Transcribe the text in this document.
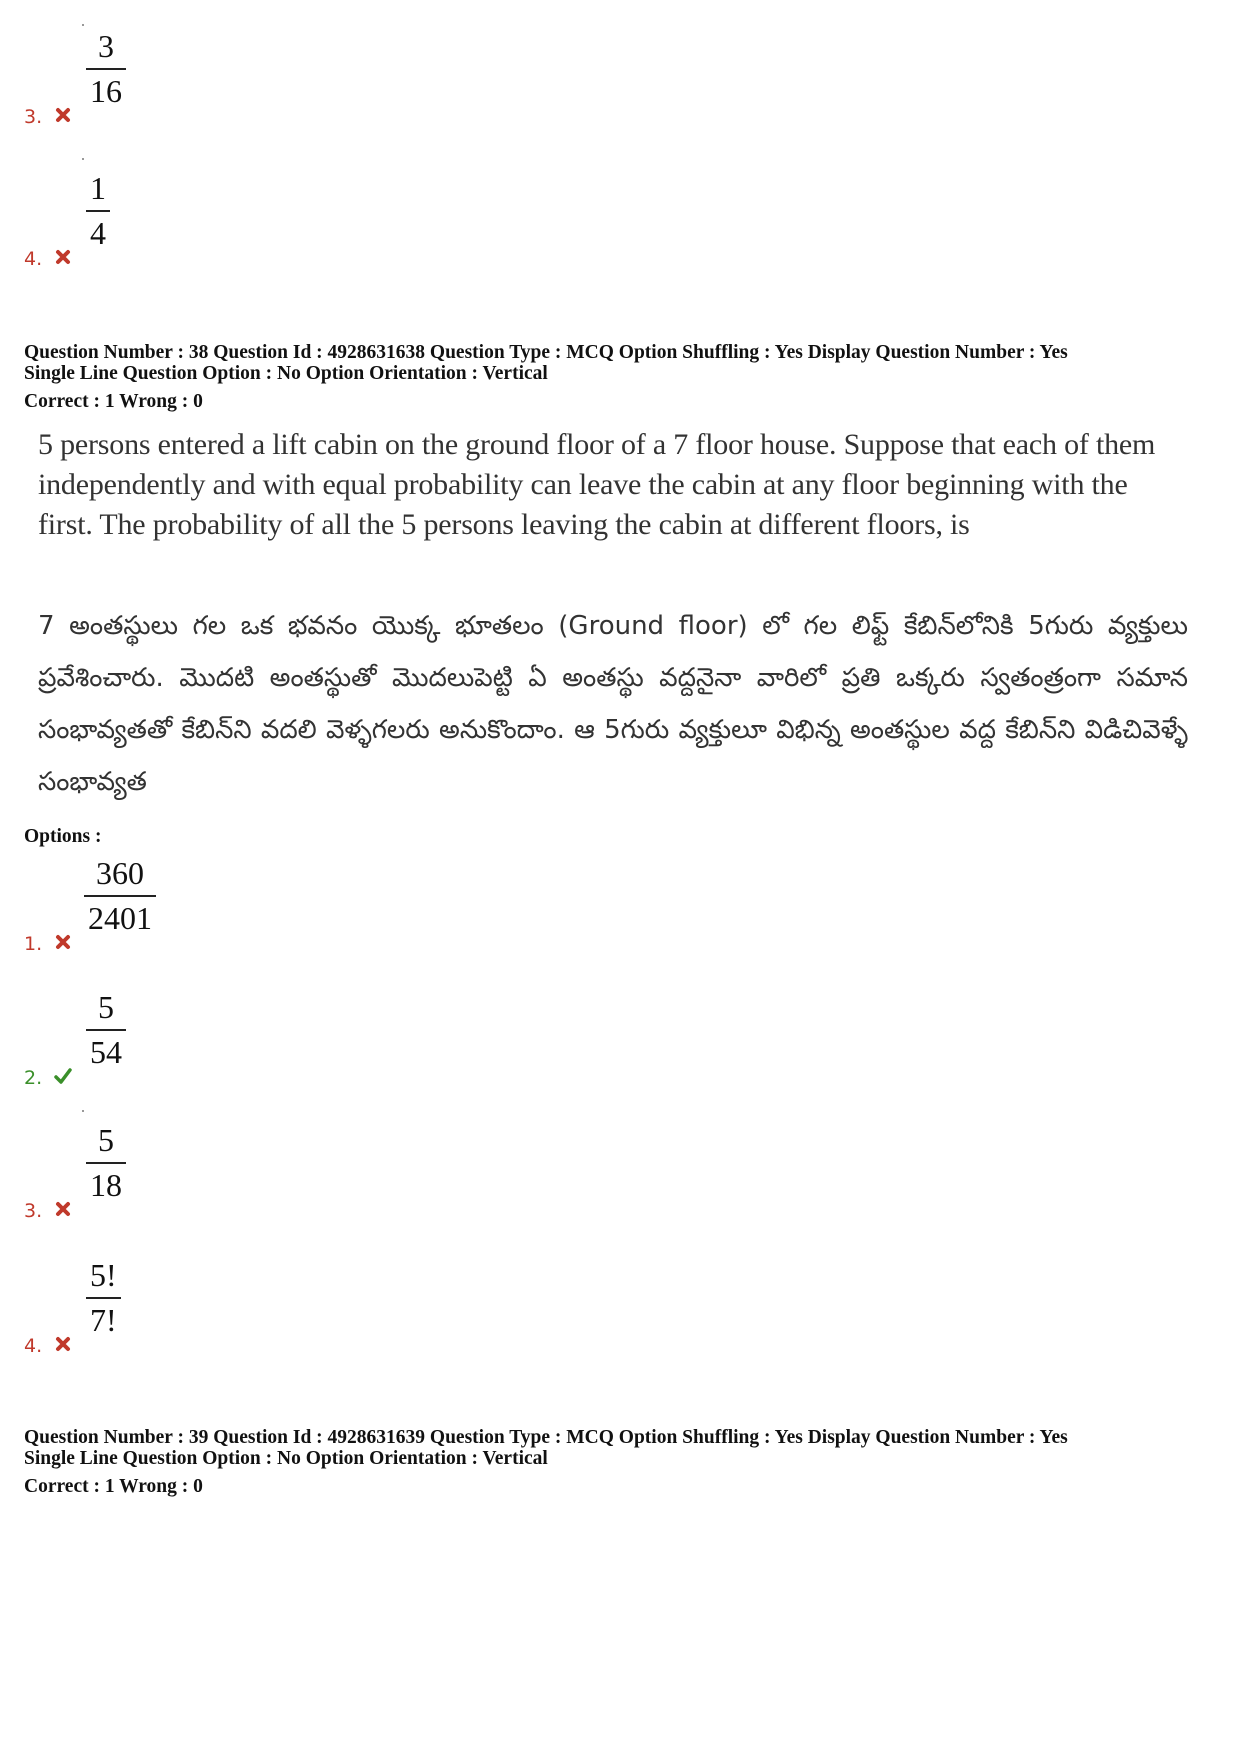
3
16
3.
1
4
4.
Question Number : 38 Question Id : 4928631638 Question Type : MCQ Option Shuffling : Yes Display Question Number : Yes
Single Line Question Option : No Option Orientation : Vertical
Correct : 1 Wrong : 0
5 persons entered a lift cabin on the ground floor of a 7 floor house. Suppose that each of them independently and with equal probability can leave the cabin at any floor beginning with the first. The probability of all the 5 persons leaving the cabin at different floors, is
7 అంతస్థులు గల ఒక భవనం యొక్క భూతలం (Ground floor) లో గల లిఫ్ట్ కేబిన్‌లోనికి 5గురు వ్యక్తులు ప్రవేశించారు. మొదటి అంతస్థుతో మొదలుపెట్టి ఏ అంతస్థు వద్దనైనా వారిలో ప్రతి ఒక్కరు స్వతంత్రంగా సమాన సంభావ్యతతో కేబిన్‌ని వదలి వెళ్ళగలరు అనుకొందాం. ఆ 5గురు వ్యక్తులూ విభిన్న అంతస్థుల వద్ద కేబిన్‌ని విడిచివెళ్ళే సంభావ్యత
Options :
360
2401
1.
5
54
2.
5
18
3.
5!
7!
4.
Question Number : 39 Question Id : 4928631639 Question Type : MCQ Option Shuffling : Yes Display Question Number : Yes
Single Line Question Option : No Option Orientation : Vertical
Correct : 1 Wrong : 0
